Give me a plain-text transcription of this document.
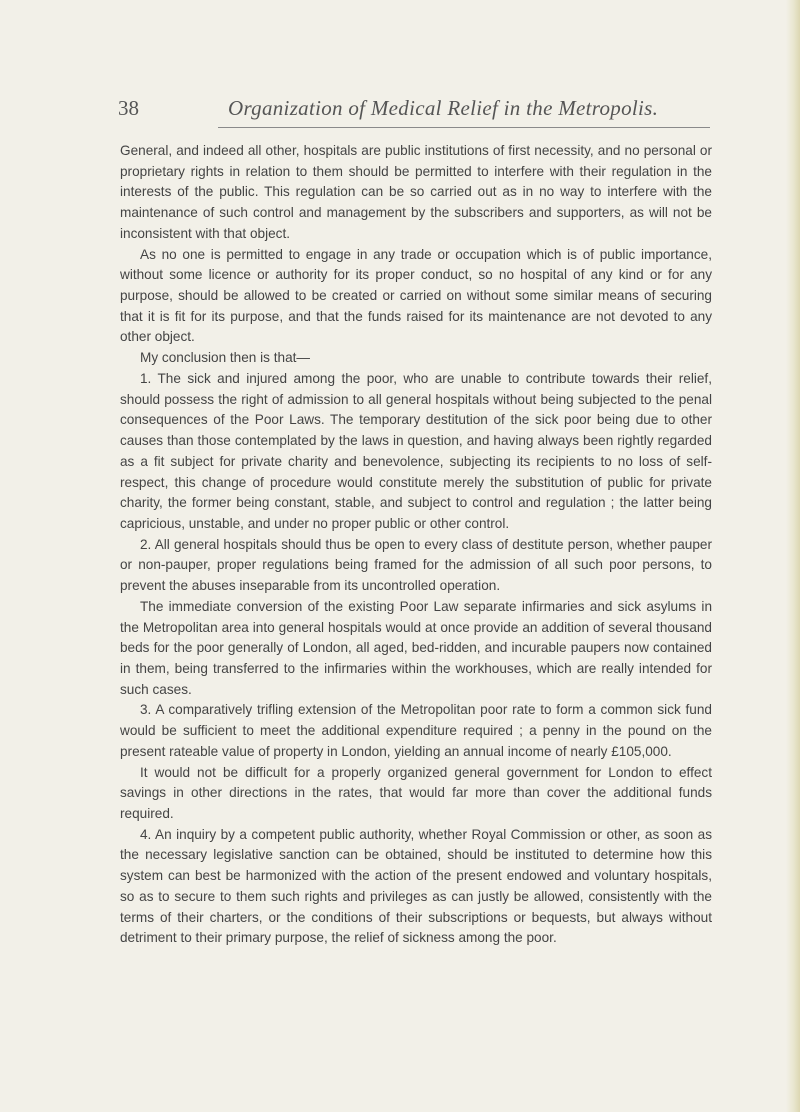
38	Organization of Medical Relief in the Metropolis.

General, and indeed all other, hospitals are public institutions of first necessity, and no personal or proprietary rights in relation to them should be permitted to interfere with their regulation in the interests of the public. This regulation can be so carried out as in no way to interfere with the maintenance of such control and management by the subscribers and supporters, as will not be inconsistent with that object.

As no one is permitted to engage in any trade or occupation which is of public importance, without some licence or authority for its proper conduct, so no hospital of any kind or for any purpose, should be allowed to be created or carried on without some similar means of securing that it is fit for its purpose, and that the funds raised for its maintenance are not devoted to any other object.

My conclusion then is that—

1. The sick and injured among the poor, who are unable to contribute towards their relief, should possess the right of admission to all general hospitals without being subjected to the penal consequences of the Poor Laws. The temporary destitution of the sick poor being due to other causes than those contemplated by the laws in question, and having always been rightly regarded as a fit subject for private charity and benevolence, subjecting its recipients to no loss of self-respect, this change of procedure would constitute merely the substitution of public for private charity, the former being constant, stable, and subject to control and regulation ; the latter being capricious, unstable, and under no proper public or other control.

2. All general hospitals should thus be open to every class of destitute person, whether pauper or non-pauper, proper regulations being framed for the admission of all such poor persons, to prevent the abuses inseparable from its uncontrolled operation.

The immediate conversion of the existing Poor Law separate infirmaries and sick asylums in the Metropolitan area into general hospitals would at once provide an addition of several thousand beds for the poor generally of London, all aged, bed-ridden, and incurable paupers now contained in them, being transferred to the infirmaries within the workhouses, which are really intended for such cases.

3. A comparatively trifling extension of the Metropolitan poor rate to form a common sick fund would be sufficient to meet the additional expenditure required ; a penny in the pound on the present rateable value of property in London, yielding an annual income of nearly £105,000.

It would not be difficult for a properly organized general government for London to effect savings in other directions in the rates, that would far more than cover the additional funds required.

4. An inquiry by a competent public authority, whether Royal Commission or other, as soon as the necessary legislative sanction can be obtained, should be instituted to determine how this system can best be harmonized with the action of the present endowed and voluntary hospitals, so as to secure to them such rights and privileges as can justly be allowed, consistently with the terms of their charters, or the conditions of their subscriptions or bequests, but always without detriment to their primary purpose, the relief of sickness among the poor.
